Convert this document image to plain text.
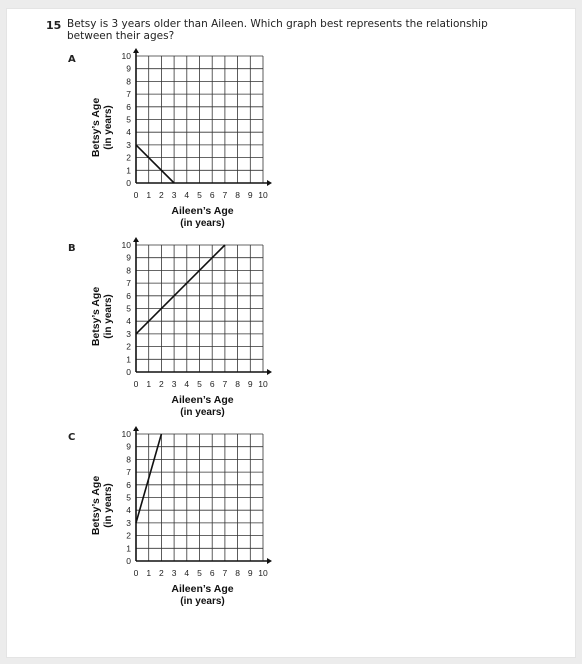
15 Betsy is 3 years older than Aileen. Which graph best represents the relationship between their ages?
A
0
1
2
3
4
5
6
7
8
9
10
0 1 2 3 4 5 6 7 8 9 10
Aileen’s Age
(in years)
Betsy’s Age (in years)
B
0
1
2
3
4
5
6
7
8
9
10
0 1 2 3 4 5 6 7 8 9 10
Aileen’s Age
(in years)
Betsy’s Age (in years)
C
0
1
2
3
4
5
6
7
8
9
10
0 1 2 3 4 5 6 7 8 9 10
Aileen’s Age
(in years)
Betsy’s Age (in years)
